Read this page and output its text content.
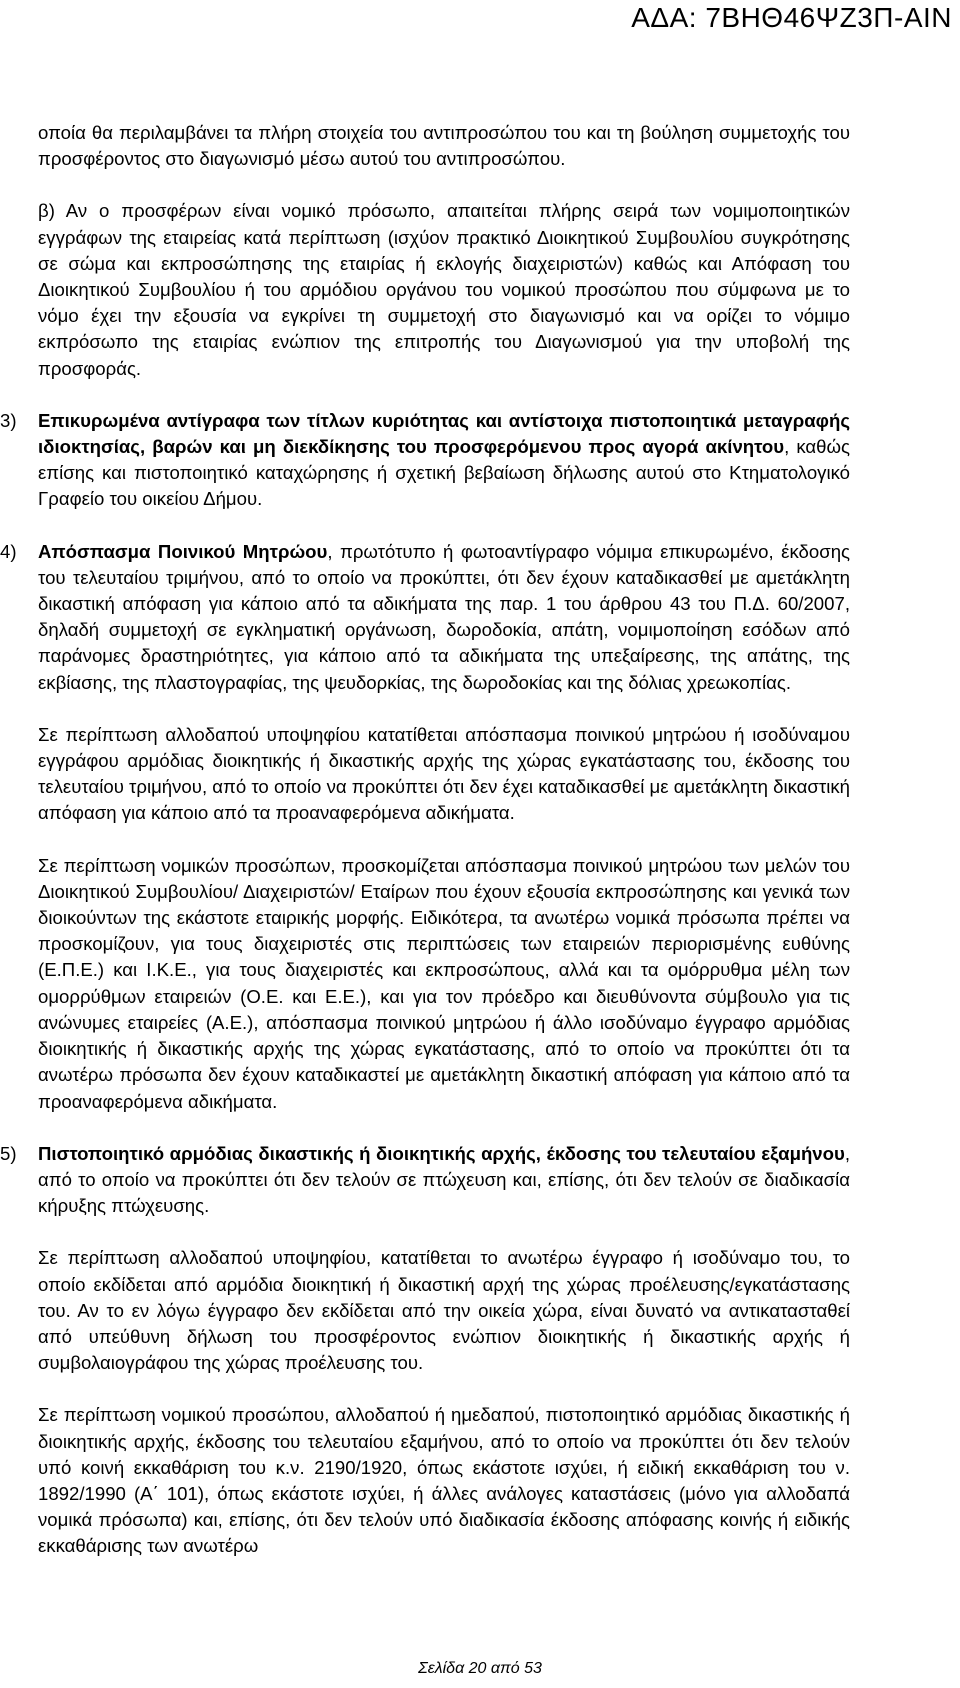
ΑΔΑ: 7ΒΗΘ46ΨΖ3Π-ΑΙΝ

οποία θα περιλαμβάνει τα πλήρη στοιχεία του αντιπροσώπου του και τη βούληση συμμετοχής του προσφέροντος στο διαγωνισμό μέσω αυτού του αντιπροσώπου.

β) Αν ο προσφέρων είναι νομικό πρόσωπο, απαιτείται πλήρης σειρά των νομιμοποιητικών εγγράφων της εταιρείας κατά περίπτωση (ισχύον πρακτικό Διοικητικού Συμβουλίου συγκρότησης σε σώμα και εκπροσώπησης της εταιρίας ή εκλογής διαχειριστών) καθώς και Απόφαση του Διοικητικού Συμβουλίου ή του αρμόδιου οργάνου του νομικού προσώπου που σύμφωνα με το νόμο έχει την εξουσία να εγκρίνει τη συμμετοχή στο διαγωνισμό και να ορίζει το νόμιμο εκπρόσωπο της εταιρίας ενώπιον της επιτροπής του Διαγωνισμού για την υποβολή της προσφοράς.

3)	Επικυρωμένα αντίγραφα των τίτλων κυριότητας και αντίστοιχα πιστοποιητικά μεταγραφής ιδιοκτησίας, βαρών και μη διεκδίκησης του προσφερόμενου προς αγορά ακίνητου, καθώς επίσης και πιστοποιητικό καταχώρησης ή σχετική βεβαίωση δήλωσης αυτού στο Κτηματολογικό Γραφείο του οικείου Δήμου.

4)	Απόσπασμα Ποινικού Μητρώου, πρωτότυπο ή φωτοαντίγραφο νόμιμα επικυρωμένο, έκδοσης του τελευταίου τριμήνου, από το οποίο να προκύπτει, ότι δεν έχουν καταδικασθεί με αμετάκλητη δικαστική απόφαση για κάποιο από τα αδικήματα της παρ. 1 του άρθρου 43 του Π.Δ. 60/2007, δηλαδή συμμετοχή σε εγκληματική οργάνωση, δωροδοκία, απάτη, νομιμοποίηση εσόδων από παράνομες δραστηριότητες, για κάποιο από τα αδικήματα της υπεξαίρεσης, της απάτης, της εκβίασης, της πλαστογραφίας, της ψευδορκίας, της δωροδοκίας και της δόλιας χρεωκοπίας.

Σε περίπτωση αλλοδαπού υποψηφίου κατατίθεται απόσπασμα ποινικού μητρώου ή ισοδύναμου εγγράφου αρμόδιας διοικητικής ή δικαστικής αρχής της χώρας εγκατάστασης του, έκδοσης του τελευταίου τριμήνου, από το οποίο να προκύπτει ότι δεν έχει καταδικασθεί με αμετάκλητη δικαστική απόφαση για κάποιο από τα προαναφερόμενα αδικήματα.

Σε περίπτωση νομικών προσώπων, προσκομίζεται απόσπασμα ποινικού μητρώου των μελών του Διοικητικού Συμβουλίου/ Διαχειριστών/ Εταίρων που έχουν εξουσία εκπροσώπησης και γενικά των διοικούντων της εκάστοτε εταιρικής μορφής. Ειδικότερα, τα ανωτέρω νομικά πρόσωπα πρέπει να προσκομίζουν, για τους διαχειριστές στις περιπτώσεις των εταιρειών περιορισμένης ευθύνης (Ε.Π.Ε.) και Ι.Κ.Ε., για τους διαχειριστές και εκπροσώπους, αλλά και τα ομόρρυθμα μέλη των ομορρύθμων εταιρειών (Ο.Ε. και Ε.Ε.), και για τον πρόεδρο και διευθύνοντα σύμβουλο για τις ανώνυμες εταιρείες (Α.Ε.), απόσπασμα ποινικού μητρώου ή άλλο ισοδύναμο έγγραφο αρμόδιας διοικητικής ή δικαστικής αρχής της χώρας εγκατάστασης, από το οποίο να προκύπτει ότι τα ανωτέρω πρόσωπα δεν έχουν καταδικαστεί με αμετάκλητη δικαστική απόφαση για κάποιο από τα προαναφερόμενα αδικήματα.

5)	Πιστοποιητικό αρμόδιας δικαστικής ή διοικητικής αρχής, έκδοσης του τελευταίου εξαμήνου, από το οποίο να προκύπτει ότι δεν τελούν σε πτώχευση και, επίσης, ότι δεν τελούν σε διαδικασία κήρυξης πτώχευσης.

Σε περίπτωση αλλοδαπού υποψηφίου, κατατίθεται το ανωτέρω έγγραφο ή ισοδύναμο του, το οποίο εκδίδεται από αρμόδια διοικητική ή δικαστική αρχή της χώρας προέλευσης/εγκατάστασης του. Αν το εν λόγω έγγραφο δεν εκδίδεται από την οικεία χώρα, είναι δυνατό να αντικατασταθεί από υπεύθυνη δήλωση του προσφέροντος ενώπιον διοικητικής ή δικαστικής αρχής ή συμβολαιογράφου της χώρας προέλευσης του.

Σε περίπτωση νομικού προσώπου, αλλοδαπού ή ημεδαπού, πιστοποιητικό αρμόδιας δικαστικής ή διοικητικής αρχής, έκδοσης του τελευταίου εξαμήνου, από το οποίο να προκύπτει ότι δεν τελούν υπό κοινή εκκαθάριση του κ.ν. 2190/1920, όπως εκάστοτε ισχύει, ή ειδική εκκαθάριση του ν. 1892/1990 (Α΄ 101), όπως εκάστοτε ισχύει, ή άλλες ανάλογες καταστάσεις (μόνο για αλλοδαπά νομικά πρόσωπα) και, επίσης, ότι δεν τελούν υπό διαδικασία έκδοσης απόφασης κοινής ή ειδικής εκκαθάρισης των ανωτέρω

Σελίδα 20 από 53
